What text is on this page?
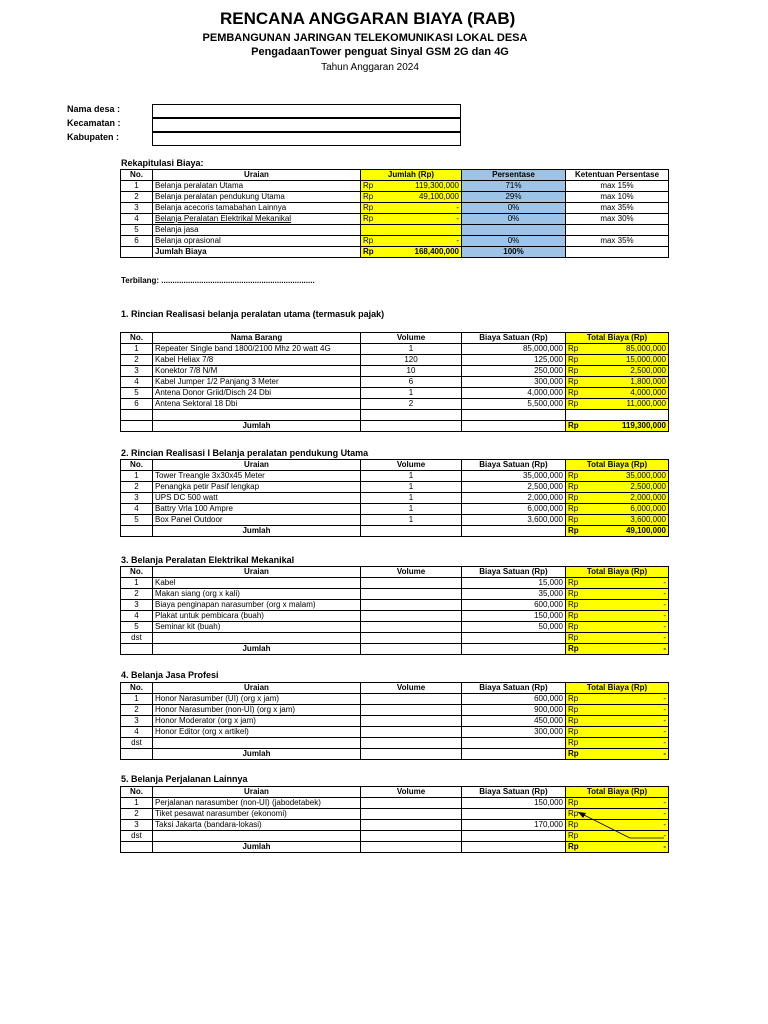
RENCANA ANGGARAN BIAYA (RAB)
PEMBANGUNAN JARINGAN TELEKOMUNIKASI LOKAL DESA
PengadaanTower penguat Sinyal GSM 2G dan 4G
Tahun Anggaran 2024
Nama desa :
Kecamatan :
Kabupaten :
Rekapitulasi Biaya:
No.	Uraian	Jumlah (Rp)	Persentase	Ketentuan Persentase
1	Belanja peralatan Utama	Rp 119,300,000	71%	max 15%
2	Belanja peralatan pendukung Utama	Rp 49,100,000	29%	max 10%
3	Belanja acecoris tamabahan Lainnya	Rp -	0%	max 35%
4	Belanja Peralatan Elektrikal Mekanikal	Rp -	0%	max 30%
5	Belanja jasa	

6	Belanja oprasional	Rp -	0%	max 35%
	Jumlah Biaya	Rp 168,400,000	100%	
Terbilang: .....................................................................
1. Rincian Realisasi belanja peralatan utama (termasuk pajak)
No.	Nama Barang	Volume	Biaya Satuan (Rp)	Total Biaya (Rp)
1	Repeater Single band 1800/2100 Mhz 20 watt 4G	1	85,000,000	Rp 85,000,000

2	Kabel Heliax 7/8	120	125,000	Rp 15,000,000

3	Konektor 7/8 N/M	10	250,000	Rp 2,500,000

4	Kabel Jumper 1/2 Panjang 3 Meter	6	300,000	Rp 1,800,000

5	Antena Donor Griid/Disch 24 Dbi	1	4,000,000	Rp 4,000,000

6	Antena Sektoral 18 Dbi	2	5,500,000	Rp 11,000,000

	Jumlah			Rp 119,300,000
2. Rincian Realisasi l Belanja peralatan pendukung Utama
No.	Uraian	Volume	Biaya Satuan (Rp)	Total Biaya (Rp)
1	Tower Treangle 3x30x45 Meter	1	35,000,000	Rp 35,000,000

2	Penangka petir Pasif lengkap	1	2,500,000	Rp 2,500,000

3	UPS DC 500 watt	1	2,000,000	Rp 2,000,000

4	Battry Vrla 100 Ampre	1	6,000,000	Rp 6,000,000

5	Box Panel Outdoor	1	3,600,000	Rp 3,600,000

	Jumlah			Rp 49,100,000
3. Belanja Peralatan Elektrikal Mekanikal
No.	Uraian	Volume	Biaya Satuan (Rp)	Total Biaya (Rp)
1	Kabel		15,000	Rp -

2	Makan siang (org x kali)		35,000	Rp -

3	Biaya penginapan narasumber (org x malam)		600,000	Rp -

4	Plakat untuk pembicara (buah)		150,000	Rp -

5	Seminar kit (buah)		50,000	Rp -

dst				Rp -

	Jumlah			Rp -
4. Belanja Jasa Profesi
No.	Uraian	Volume	Biaya Satuan (Rp)	Total Biaya (Rp)
1	Honor Narasumber (UI) (org x jam)		600,000	Rp -

2	Honor Narasumber (non-UI) (org x jam)		900,000	Rp -

3	Honor Moderator (org x jam)		450,000	Rp -

4	Honor Editor (org x artikel)		300,000	Rp -

dst				Rp -

	Jumlah			Rp -
5. Belanja Perjalanan Lainnya
No.	Uraian	Volume	Biaya Satuan (Rp)	Total Biaya (Rp)
1	Perjalanan narasumber (non-UI) (jabodetabek)		150,000	Rp -

2	Tiket pesawat narasumber (ekonomi)			Rp -

3	Taksi Jakarta (bandara-lokasi)		170,000	Rp -

dst				Rp -

	Jumlah			Rp -
